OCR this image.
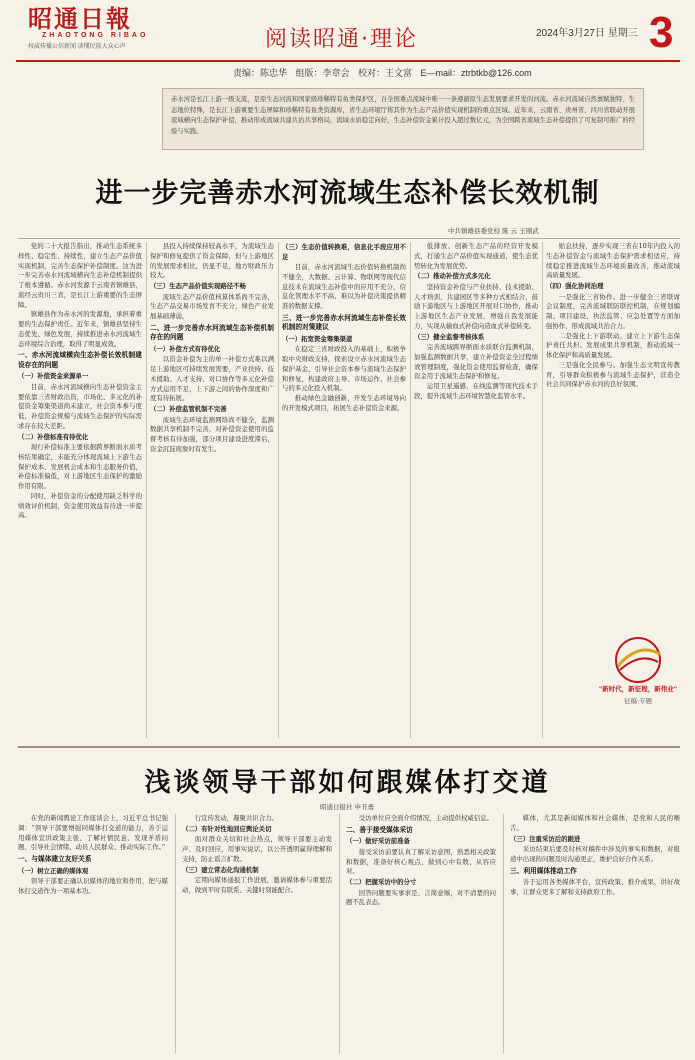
昭通日報
ZHAOTONG RIBAO
权威传播公信新闻 读懂民族大众心声	阅读昭通·理论	2024年3月27日 星期三 3
责编：陈忠华 组版：李章会 校对：王文富 E—mail：ztrbtkb@126.com
赤水河是长江上游一级支流，是原生态河流和国家级珍稀特有鱼类保护区，自全国重点流域中唯一一条遵循原生态发展要求开发的河流。赤水河流域自然禀赋独特、生态地位特殊，是长江上游重要生态屏障和珍稀特有鱼类资源库，省生态环境厅将其作为生态产品价值实现机制的重点区域。近年来，云南省、贵州省、四川省联动开展流域横向生态保护补偿，推动形成流域共建共治共享格局，流域水质稳定向好，生态补偿资金累计投入超过数亿元，为全国跨省流域生态补偿提供了可复制可推广的经验与实践。
进一步完善赤水河流域生态补偿长效机制
中共镇雄县委党校 陈 云 王刚武

党的二十大报告指出，推动生态系统多样性、稳定性、持续性，建立生态产品价值实现机制，完善生态保护补偿制度。这为进一步完善赤水河流域横向生态补偿机制提供了根本遵循。赤水河发源于云南省镇雄县，流经云贵川三省，是长江上游重要的生态屏障。

镇雄县作为赤水河的发源地，承担着重要的生态保护责任。近年来，镇雄县坚持生态优先、绿色发展，持续推进赤水河流域生态环境综合治理，取得了明显成效。

一、赤水河流域横向生态补偿长效机制建设存在的问题
（一）补偿资金来源单一

目前，赤水河流域横向生态补偿资金主要依靠三省财政出资，市场化、多元化的补偿资金筹集渠道尚未建立，社会资本参与度低，补偿资金规模与流域生态保护的实际需求存在较大差距。

（二）补偿标准有待优化

现行补偿标准主要依据跨界断面水质考核结果确定，未能充分体现流域上下游生态保护成本、发展机会成本和生态服务价值，补偿标准偏低，对上游地区生态保护的激励作用有限。

同时，补偿资金的分配使用缺乏科学的绩效评价机制，资金使用效益有待进一步提高。

县投入持续保持较高水平，为流域生态保护和修复提供了资金保障，但与上游地区的发展需求相比，仍显不足，地方财政压力较大。

（三）生态产品价值实现路径不畅

流域生态产品价值核算体系尚不完善，生态产品交易市场发育不充分，绿色产业发展基础薄弱，

二、进一步完善赤水河流域生态补偿机制存在的问题
（一）补偿方式有待优化

以资金补偿为主的单一补偿方式难以满足上游地区可持续发展需要，产业扶持、技术援助、人才支持、对口协作等多元化补偿方式运用不足，上下游之间的协作深度和广度有待拓展。

（二）补偿监管机制不完善

流域生态环境监测网络尚不健全，监测数据共享机制不完善，对补偿资金使用的监督考核有待加强，部分项目建设进度滞后，资金沉淀现象时有发生。

（三）生态价值转换难，信息化手段应用不足

目前，赤水河流域生态价值转换机制尚不健全，大数据、云计算、物联网等现代信息技术在流域生态补偿中的应用不充分，信息化管理水平不高，难以为补偿决策提供精准的数据支撑。

三、进一步完善赤水河流域生态补偿长效机制的对策建议
（一）拓宽资金筹集渠道

在稳定三省财政投入的基础上，积极争取中央财政支持，探索设立赤水河流域生态保护基金，引导社会资本参与流域生态保护和修复，构建政府主导、市场运作、社会参与的多元化投入机制。

推动绿色金融创新，开发生态环境导向的开发模式项目，拓展生态补偿资金来源。

低排放、创新生态产品的经营开发模式，打通生态产品价值实现通道，使生态优势转化为发展优势。

（二）推动补偿方式多元化

坚持资金补偿与产业扶持、技术援助、人才培训、共建园区等多种方式相结合，鼓励下游地区与上游地区开展对口协作，推动上游地区生态产业发展，增强自我发展能力，实现从输血式补偿向造血式补偿转变。

（三）健全监督考核体系

完善流域跨界断面水质联合监测机制，加强监测数据共享，建立补偿资金全过程绩效管理制度，强化资金使用监督检查，确保资金用于流域生态保护和修复。

运用卫星遥感、在线监测等现代技术手段，提升流域生态环境智慧化监管水平。

贴息扶持，逐步实现三省在10年内投入的生态补偿资金与流域生态保护需求相适应，持续稳定推进流域生态环境质量改善，推动流域高质量发展。

（四）强化协同治理

一是强化三省协作。进一步健全三省联席会议制度，完善流域联防联控机制，在规划编制、项目建设、执法监管、应急处置等方面加强协作，形成流域共治合力。

二是强化上下游联动。建立上下游生态保护责任共担、发展成果共享机制，推动流域一体化保护和高质量发展。

三是强化全民参与。加强生态文明宣传教育，引导群众积极参与流域生态保护，营造全社会共同保护赤水河的良好氛围。

"新时代，新征程，新伟业"
征稿·专题
浅谈领导干部如何跟媒体打交道
昭通日报社 申丑勇

在党的新闻舆论工作座谈会上，习近平总书记强调：“领导干部要增强同媒体打交道的能力，善于运用媒体宣讲政策主张、了解社情民意、发现矛盾问题、引导社会情绪、动员人民群众、推动实际工作。”

一、与媒体建立友好关系
（一）树立正确的媒体观

领导干部要正确认识媒体的地位和作用，把与媒体打交道作为一项基本功。

行宣传发动，凝聚共识合力。

（二）有针对性地回应舆论关切

面对群众关切和社会热点，领导干部要主动发声、及时回应，用事实说话，以公开透明赢得理解和支持，防止谣言扩散。

（三）建立常态化沟通机制

定期向媒体通报工作进展，邀请媒体参与重要活动，做到平时有联系、关键时刻能配合。

受访单位应全面介绍情况，主动提供权威信息。

二、善于接受媒体采访
（一）做好采访前准备

接受采访前要认真了解采访意图，熟悉相关政策和数据，准备好核心观点，做到心中有数、从容应对。

（二）把握采访中的分寸

回答问题要实事求是、言简意赅，对不清楚的问题不乱表态。

媒体，尤其是新闻媒体和社会媒体，是党和人民的喉舌。

（三）注重采访后的跟进

采访结束后要及时核对稿件中涉及的事实和数据，对报道中出现的问题及时沟通更正，维护良好合作关系。

三、利用媒体推动工作

善于运用各类媒体平台，宣传政策、推介成果、讲好故事，让群众更多了解和支持政府工作。
